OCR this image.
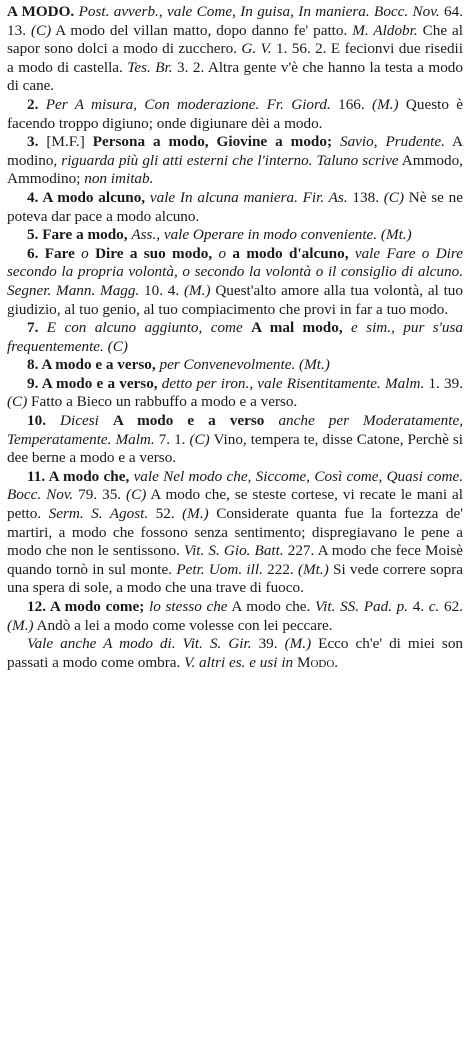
A MODO. Post. avverb., vale Come, In guisa, In maniera. Bocc. Nov. 64. 13. (C) A modo del villan matto, dopo danno fe' patto. M. Aldobr. Che al sapor sono dolci a modo di zucchero. G. V. 1. 56. 2. E fecionvi due risedii a modo di castella. Tes. Br. 3. 2. Altra gente v'è che hanno la testa a modo di cane.

2. Per A misura, Con moderazione. Fr. Giord. 166. (M.) Questo è facendo troppo digiuno; onde digiunare dèi a modo.

3. [M.F.] Persona a modo, Giovine a modo; Savio, Prudente. A modino, riguarda più gli atti esterni che l'interno. Taluno scrive Ammodo, Ammodino; non imitab.

4. A modo alcuno, vale In alcuna maniera. Fir. As. 138. (C) Nè se ne poteva dar pace a modo alcuno.

5. Fare a modo, Ass., vale Operare in modo conveniente. (Mt.)

6. Fare o Dire a suo modo, o a modo d'alcuno, vale Fare o Dire secondo la propria volontà, o secondo la volontà o il consiglio di alcuno. Segner. Mann. Magg. 10. 4. (M.) Quest'alto amore alla tua volontà, al tuo giudizio, al tuo genio, al tuo compiacimento che provi in far a tuo modo.

7. E con alcuno aggiunto, come A mal modo, e sim., pur s'usa frequentemente. (C)

8. A modo e a verso, per Convenevolmente. (Mt.)

9. A modo e a verso, detto per iron., vale Risentitamente. Malm. 1. 39. (C) Fatto a Bieco un rabbuffo a modo e a verso.

10. Dicesi A modo e a verso anche per Moderatamente, Temperatamente. Malm. 7. 1. (C) Vino, tempera te, disse Catone, Perchè si dee berne a modo e a verso.

11. A modo che, vale Nel modo che, Siccome, Così come, Quasi come. Bocc. Nov. 79. 35. (C) A modo che, se steste cortese, vi recate le mani al petto. Serm. S. Agost. 52. (M.) Considerate quanta fue la fortezza de' martiri, a modo che fossono senza sentimento; dispregiavano le pene a modo che non le sentissono. Vit. S. Gio. Batt. 227. A modo che fece Moisè quando tornò in sul monte. Petr. Uom. ill. 222. (Mt.) Si vede correre sopra una spera di sole, a modo che una trave di fuoco.

12. A modo come; lo stesso che A modo che. Vit. SS. Pad. p. 4. c. 62. (M.) Andò a lei a modo come volesse con lei peccare.

Vale anche A modo di. Vit. S. Gir. 39. (M.) Ecco ch'e' di miei son passati a modo come ombra. V. altri es. e usi in Modo.
